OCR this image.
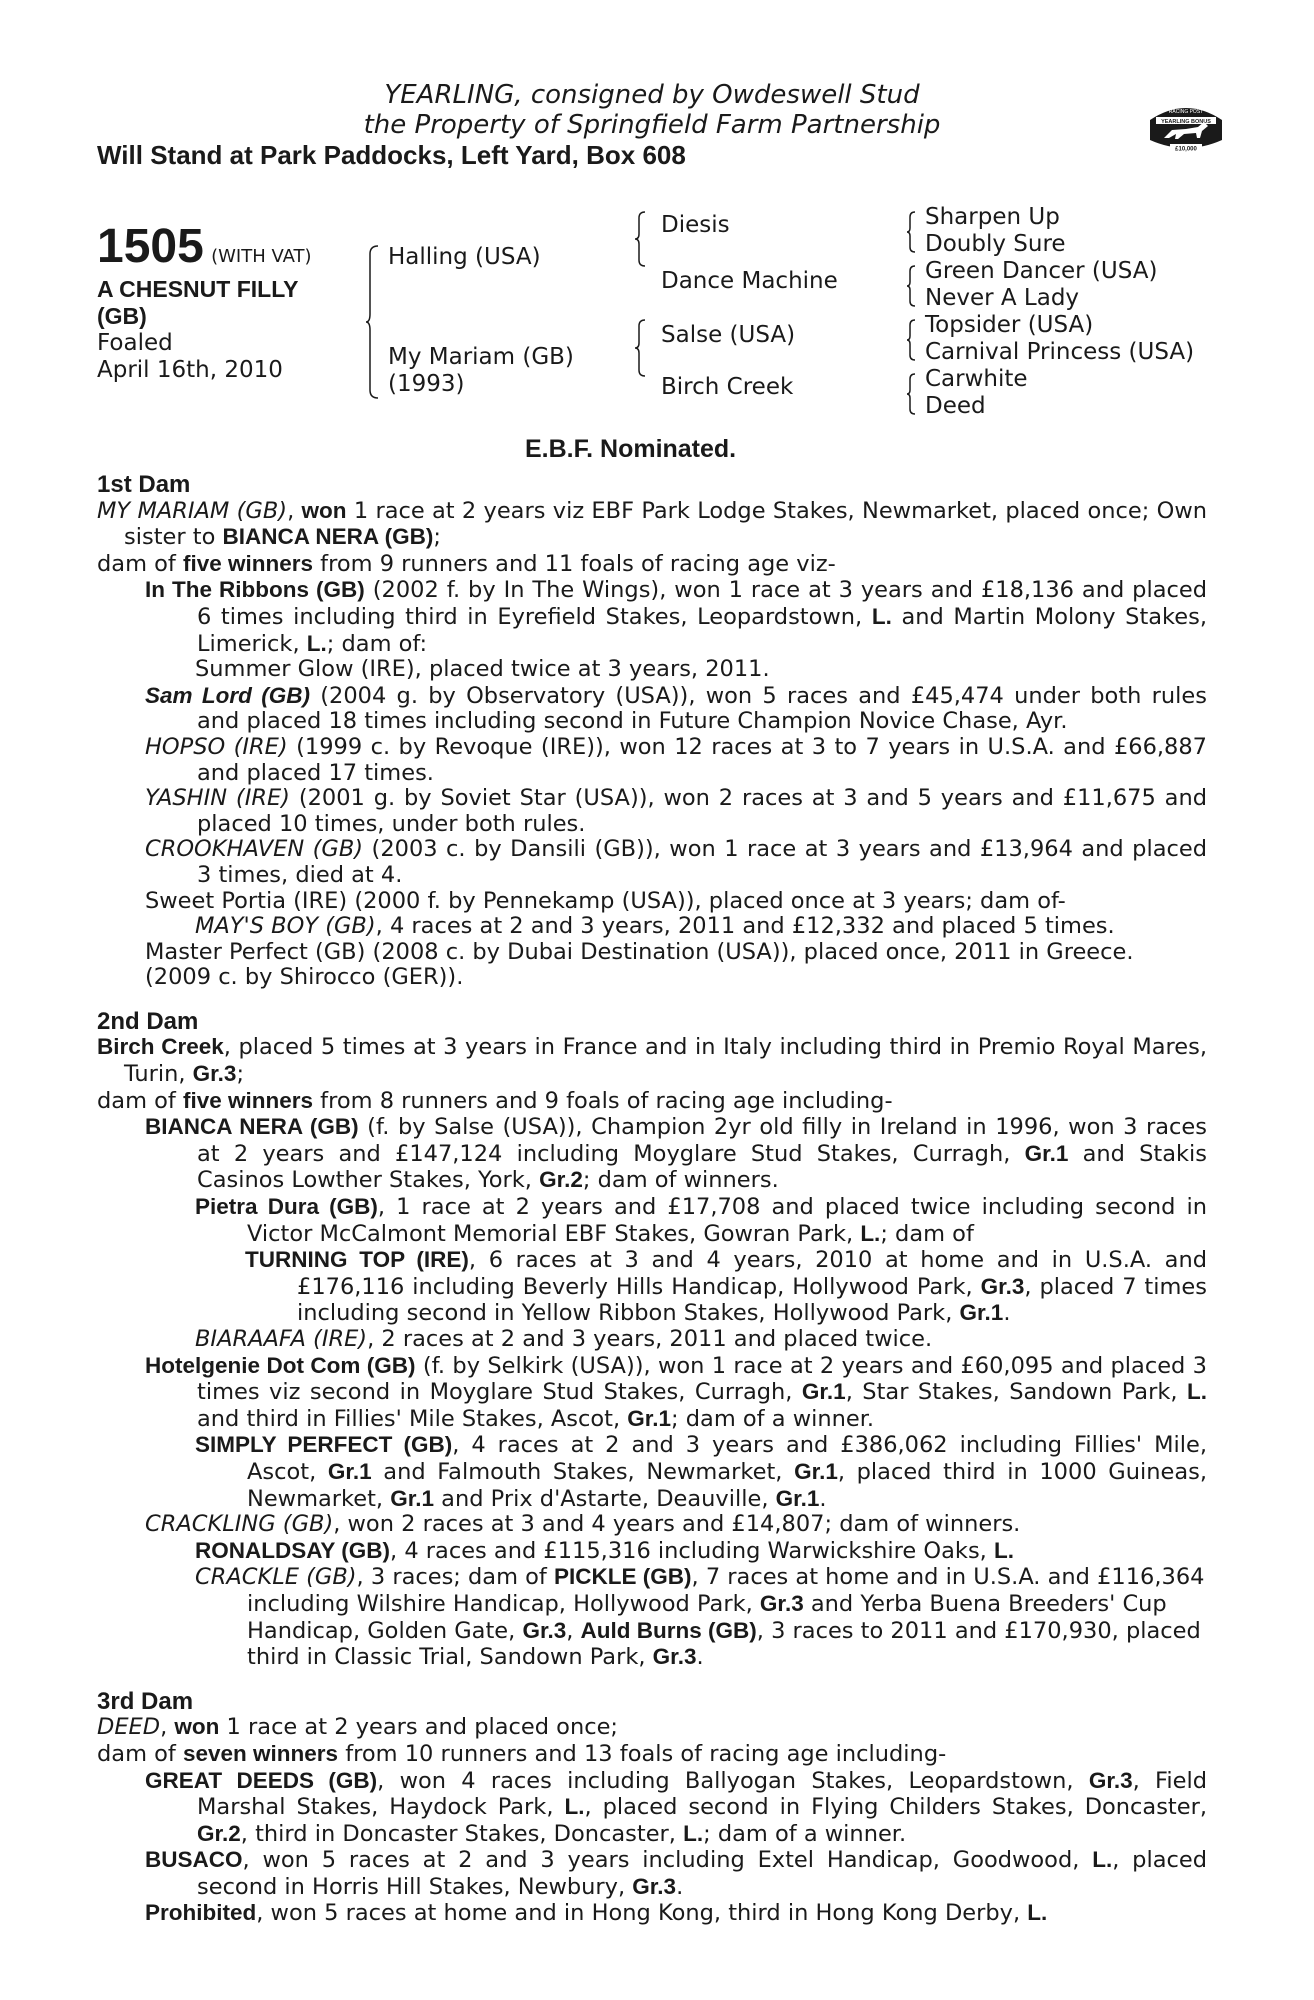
YEARLING, consigned by Owdeswell Stud
the Property of Springfield Farm Partnership
Will Stand at Park Paddocks, Left Yard, Box 608
RACING POST
YEARLING BONUS
£10,000
1505 (WITH VAT)
A CHESNUT FILLY
(GB)
Foaled
April 16th, 2010
Halling (USA)
My Mariam (GB)
(1993)
Diesis
Dance Machine
Salse (USA)
Birch Creek
Sharpen Up
Doubly Sure
Green Dancer (USA)
Never A Lady
Topsider (USA)
Carnival Princess (USA)
Carwhite
Deed
E.B.F. Nominated.
1st Dam
MY MARIAM (GB), won 1 race at 2 years viz EBF Park Lodge Stakes, Newmarket, placed once; Own sister to BIANCA NERA (GB);
dam of five winners from 9 runners and 11 foals of racing age viz-
In The Ribbons (GB) (2002 f. by In The Wings), won 1 race at 3 years and £18,136 and placed 6 times including third in Eyrefield Stakes, Leopardstown, L. and Martin Molony Stakes, Limerick, L.; dam of:
Summer Glow (IRE), placed twice at 3 years, 2011.
Sam Lord (GB) (2004 g. by Observatory (USA)), won 5 races and £45,474 under both rules and placed 18 times including second in Future Champion Novice Chase, Ayr.
HOPSO (IRE) (1999 c. by Revoque (IRE)), won 12 races at 3 to 7 years in U.S.A. and £66,887 and placed 17 times.
YASHIN (IRE) (2001 g. by Soviet Star (USA)), won 2 races at 3 and 5 years and £11,675 and placed 10 times, under both rules.
CROOKHAVEN (GB) (2003 c. by Dansili (GB)), won 1 race at 3 years and £13,964 and placed 3 times, died at 4.
Sweet Portia (IRE) (2000 f. by Pennekamp (USA)), placed once at 3 years; dam of-
MAY'S BOY (GB), 4 races at 2 and 3 years, 2011 and £12,332 and placed 5 times.
Master Perfect (GB) (2008 c. by Dubai Destination (USA)), placed once, 2011 in Greece.
(2009 c. by Shirocco (GER)).
2nd Dam
Birch Creek, placed 5 times at 3 years in France and in Italy including third in Premio Royal Mares, Turin, Gr.3;
dam of five winners from 8 runners and 9 foals of racing age including-
BIANCA NERA (GB) (f. by Salse (USA)), Champion 2yr old filly in Ireland in 1996, won 3 races at 2 years and £147,124 including Moyglare Stud Stakes, Curragh, Gr.1 and Stakis Casinos Lowther Stakes, York, Gr.2; dam of winners.
Pietra Dura (GB), 1 race at 2 years and £17,708 and placed twice including second in Victor McCalmont Memorial EBF Stakes, Gowran Park, L.; dam of
TURNING TOP (IRE), 6 races at 3 and 4 years, 2010 at home and in U.S.A. and £176,116 including Beverly Hills Handicap, Hollywood Park, Gr.3, placed 7 times including second in Yellow Ribbon Stakes, Hollywood Park, Gr.1.
BIARAAFA (IRE), 2 races at 2 and 3 years, 2011 and placed twice.
Hotelgenie Dot Com (GB) (f. by Selkirk (USA)), won 1 race at 2 years and £60,095 and placed 3 times viz second in Moyglare Stud Stakes, Curragh, Gr.1, Star Stakes, Sandown Park, L. and third in Fillies' Mile Stakes, Ascot, Gr.1; dam of a winner.
SIMPLY PERFECT (GB), 4 races at 2 and 3 years and £386,062 including Fillies' Mile, Ascot, Gr.1 and Falmouth Stakes, Newmarket, Gr.1, placed third in 1000 Guineas, Newmarket, Gr.1 and Prix d'Astarte, Deauville, Gr.1.
CRACKLING (GB), won 2 races at 3 and 4 years and £14,807; dam of winners.
RONALDSAY (GB), 4 races and £115,316 including Warwickshire Oaks, L.
CRACKLE (GB), 3 races; dam of PICKLE (GB), 7 races at home and in U.S.A. and £116,364 including Wilshire Handicap, Hollywood Park, Gr.3 and Yerba Buena Breeders' Cup Handicap, Golden Gate, Gr.3, Auld Burns (GB), 3 races to 2011 and £170,930, placed third in Classic Trial, Sandown Park, Gr.3.
3rd Dam
DEED, won 1 race at 2 years and placed once;
dam of seven winners from 10 runners and 13 foals of racing age including-
GREAT DEEDS (GB), won 4 races including Ballyogan Stakes, Leopardstown, Gr.3, Field Marshal Stakes, Haydock Park, L., placed second in Flying Childers Stakes, Doncaster, Gr.2, third in Doncaster Stakes, Doncaster, L.; dam of a winner.
BUSACO, won 5 races at 2 and 3 years including Extel Handicap, Goodwood, L., placed second in Horris Hill Stakes, Newbury, Gr.3.
Prohibited, won 5 races at home and in Hong Kong, third in Hong Kong Derby, L.
